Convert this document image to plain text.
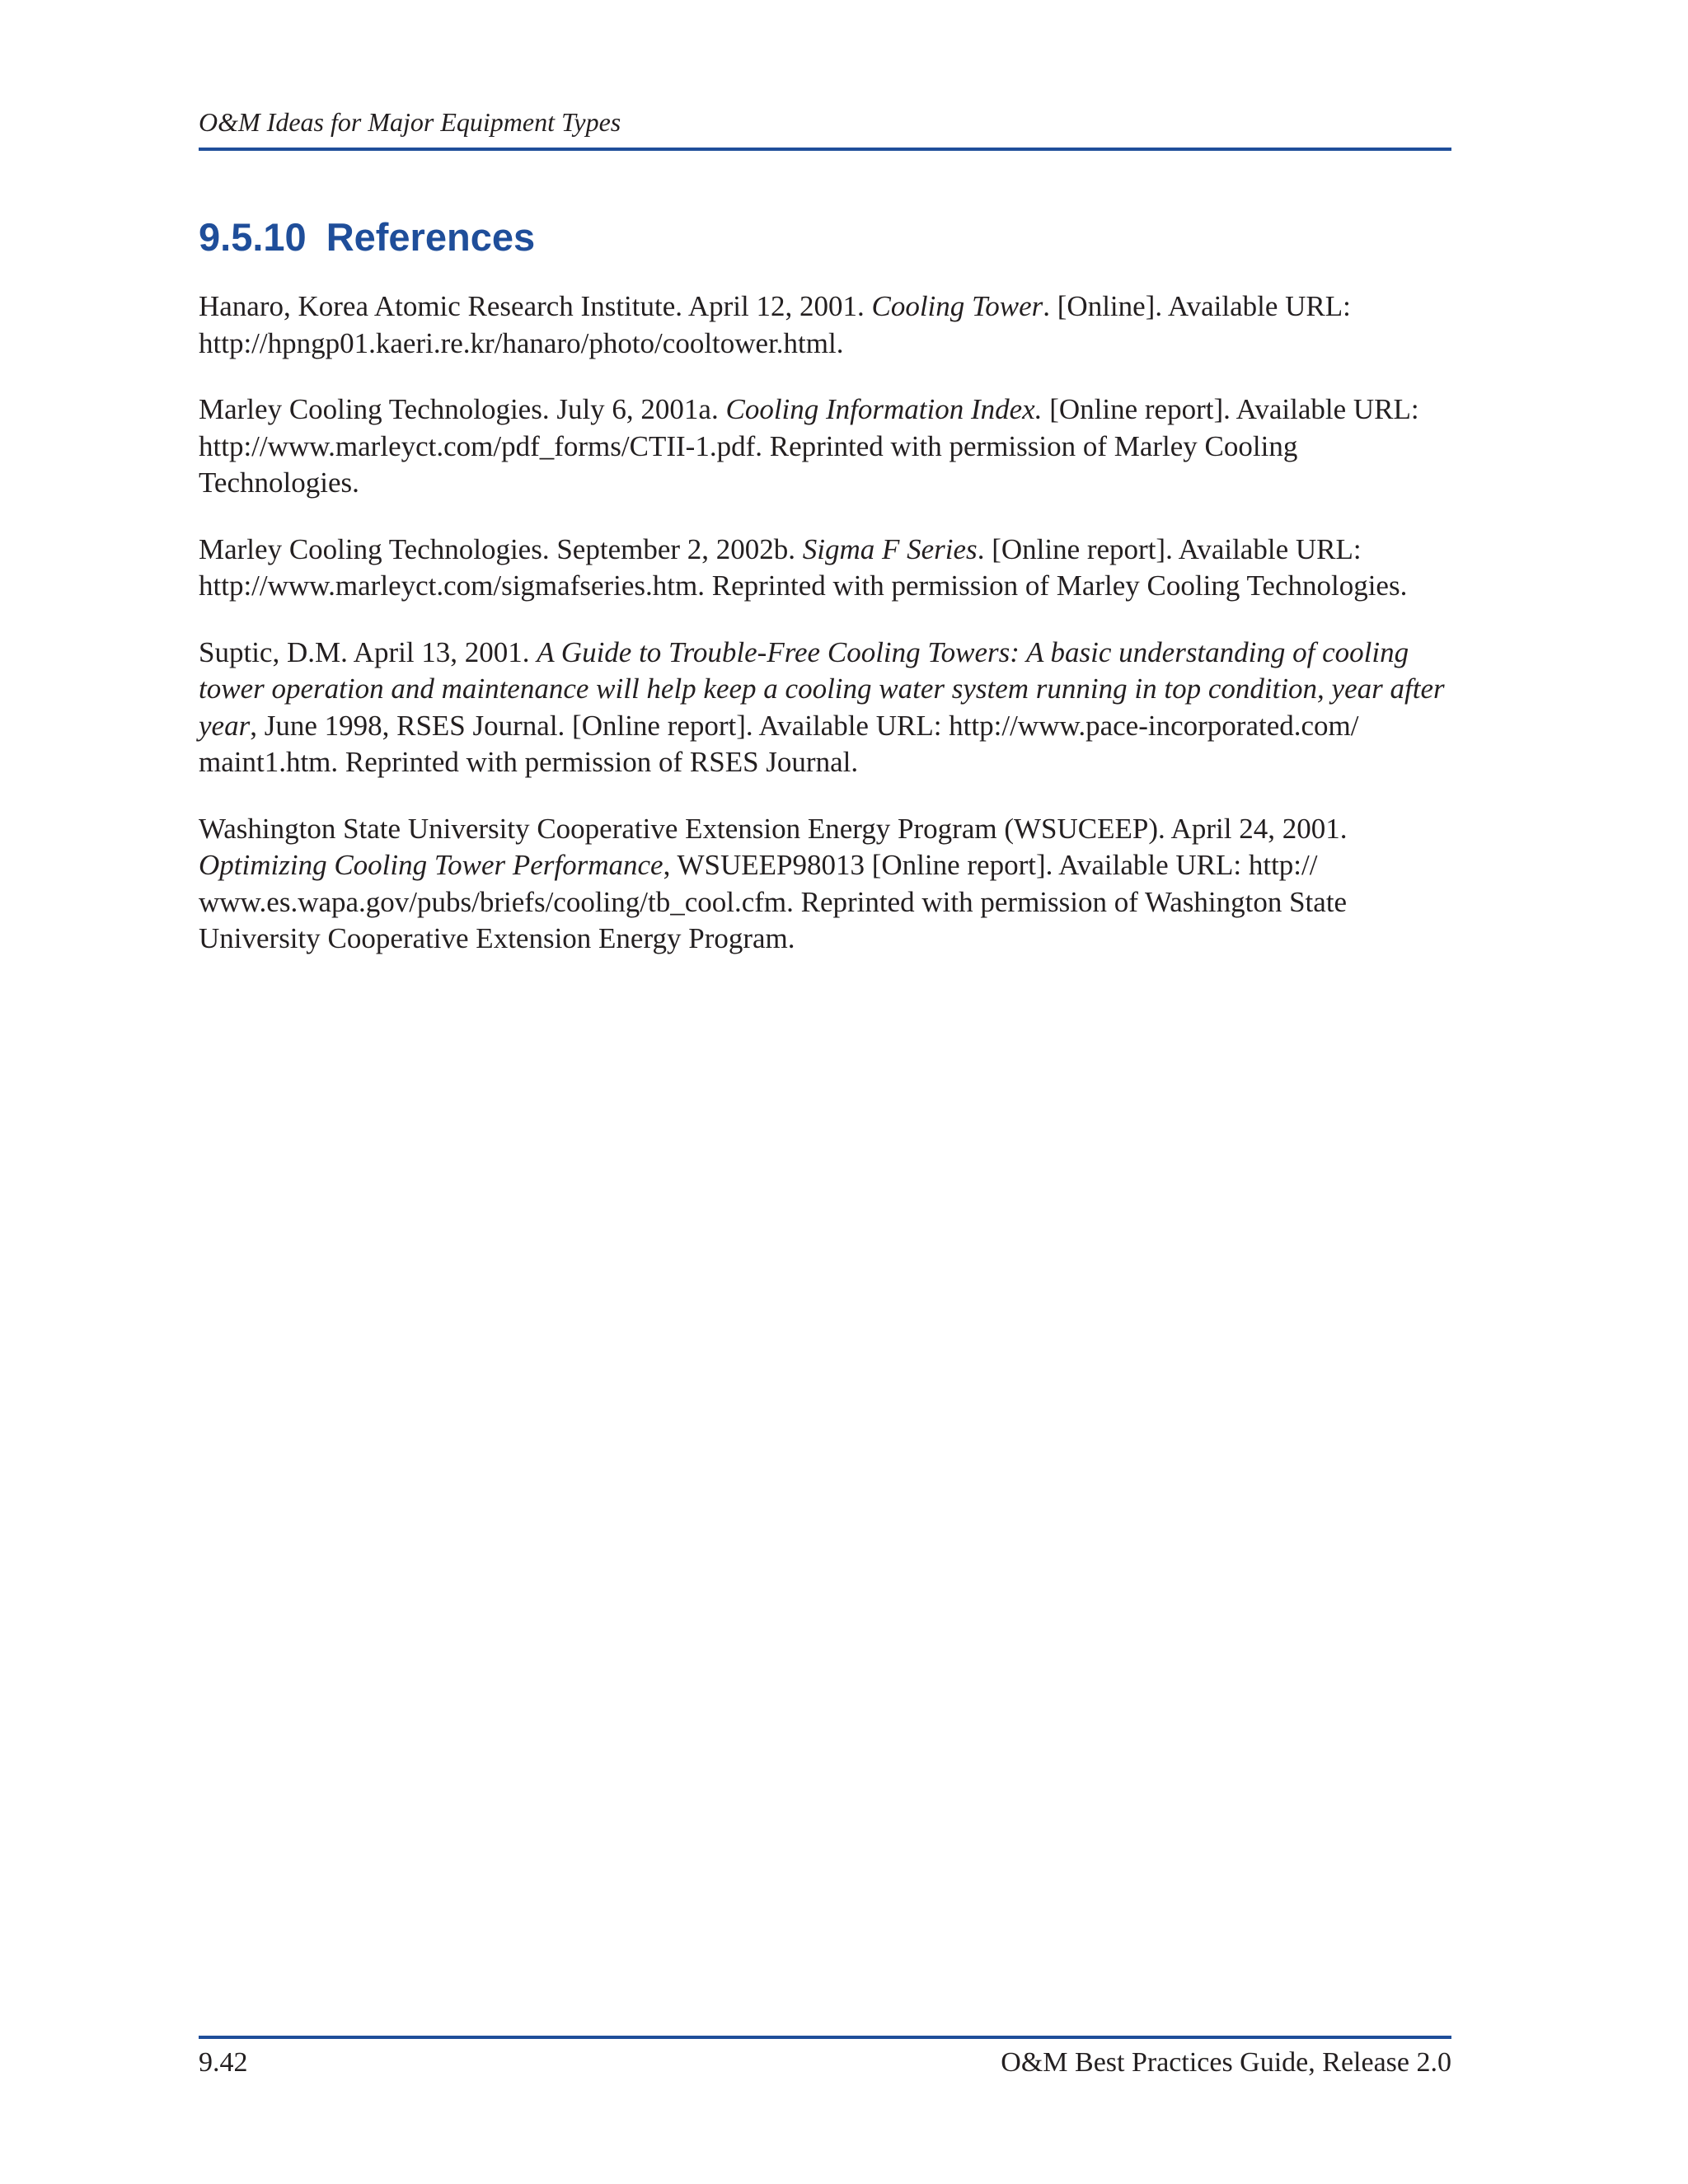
O&M Ideas for Major Equipment Types
9.5.10 References

Hanaro, Korea Atomic Research Institute. April 12, 2001. Cooling Tower. [Online]. Available URL: http://hpngp01.kaeri.re.kr/hanaro/photo/cooltower.html.

Marley Cooling Technologies. July 6, 2001a. Cooling Information Index. [Online report]. Available URL: http://www.marleyct.com/pdf_forms/CTII-1.pdf. Reprinted with permission of Marley Cooling Technologies.

Marley Cooling Technologies. September 2, 2002b. Sigma F Series. [Online report]. Available URL: http://www.marleyct.com/sigmafseries.htm. Reprinted with permission of Marley Cooling Technologies.

Suptic, D.M. April 13, 2001. A Guide to Trouble-Free Cooling Towers: A basic understanding of cooling tower operation and maintenance will help keep a cooling water system running in top condition, year after year, June 1998, RSES Journal. [Online report]. Available URL: http://www.pace-incorporated.com/ maint1.htm. Reprinted with permission of RSES Journal.

Washington State University Cooperative Extension Energy Program (WSUCEEP). April 24, 2001. Optimizing Cooling Tower Performance, WSUEEP98013 [Online report]. Available URL: http:// www.es.wapa.gov/pubs/briefs/cooling/tb_cool.cfm. Reprinted with permission of Washington State University Cooperative Extension Energy Program.

9.42	O&M Best Practices Guide, Release 2.0
